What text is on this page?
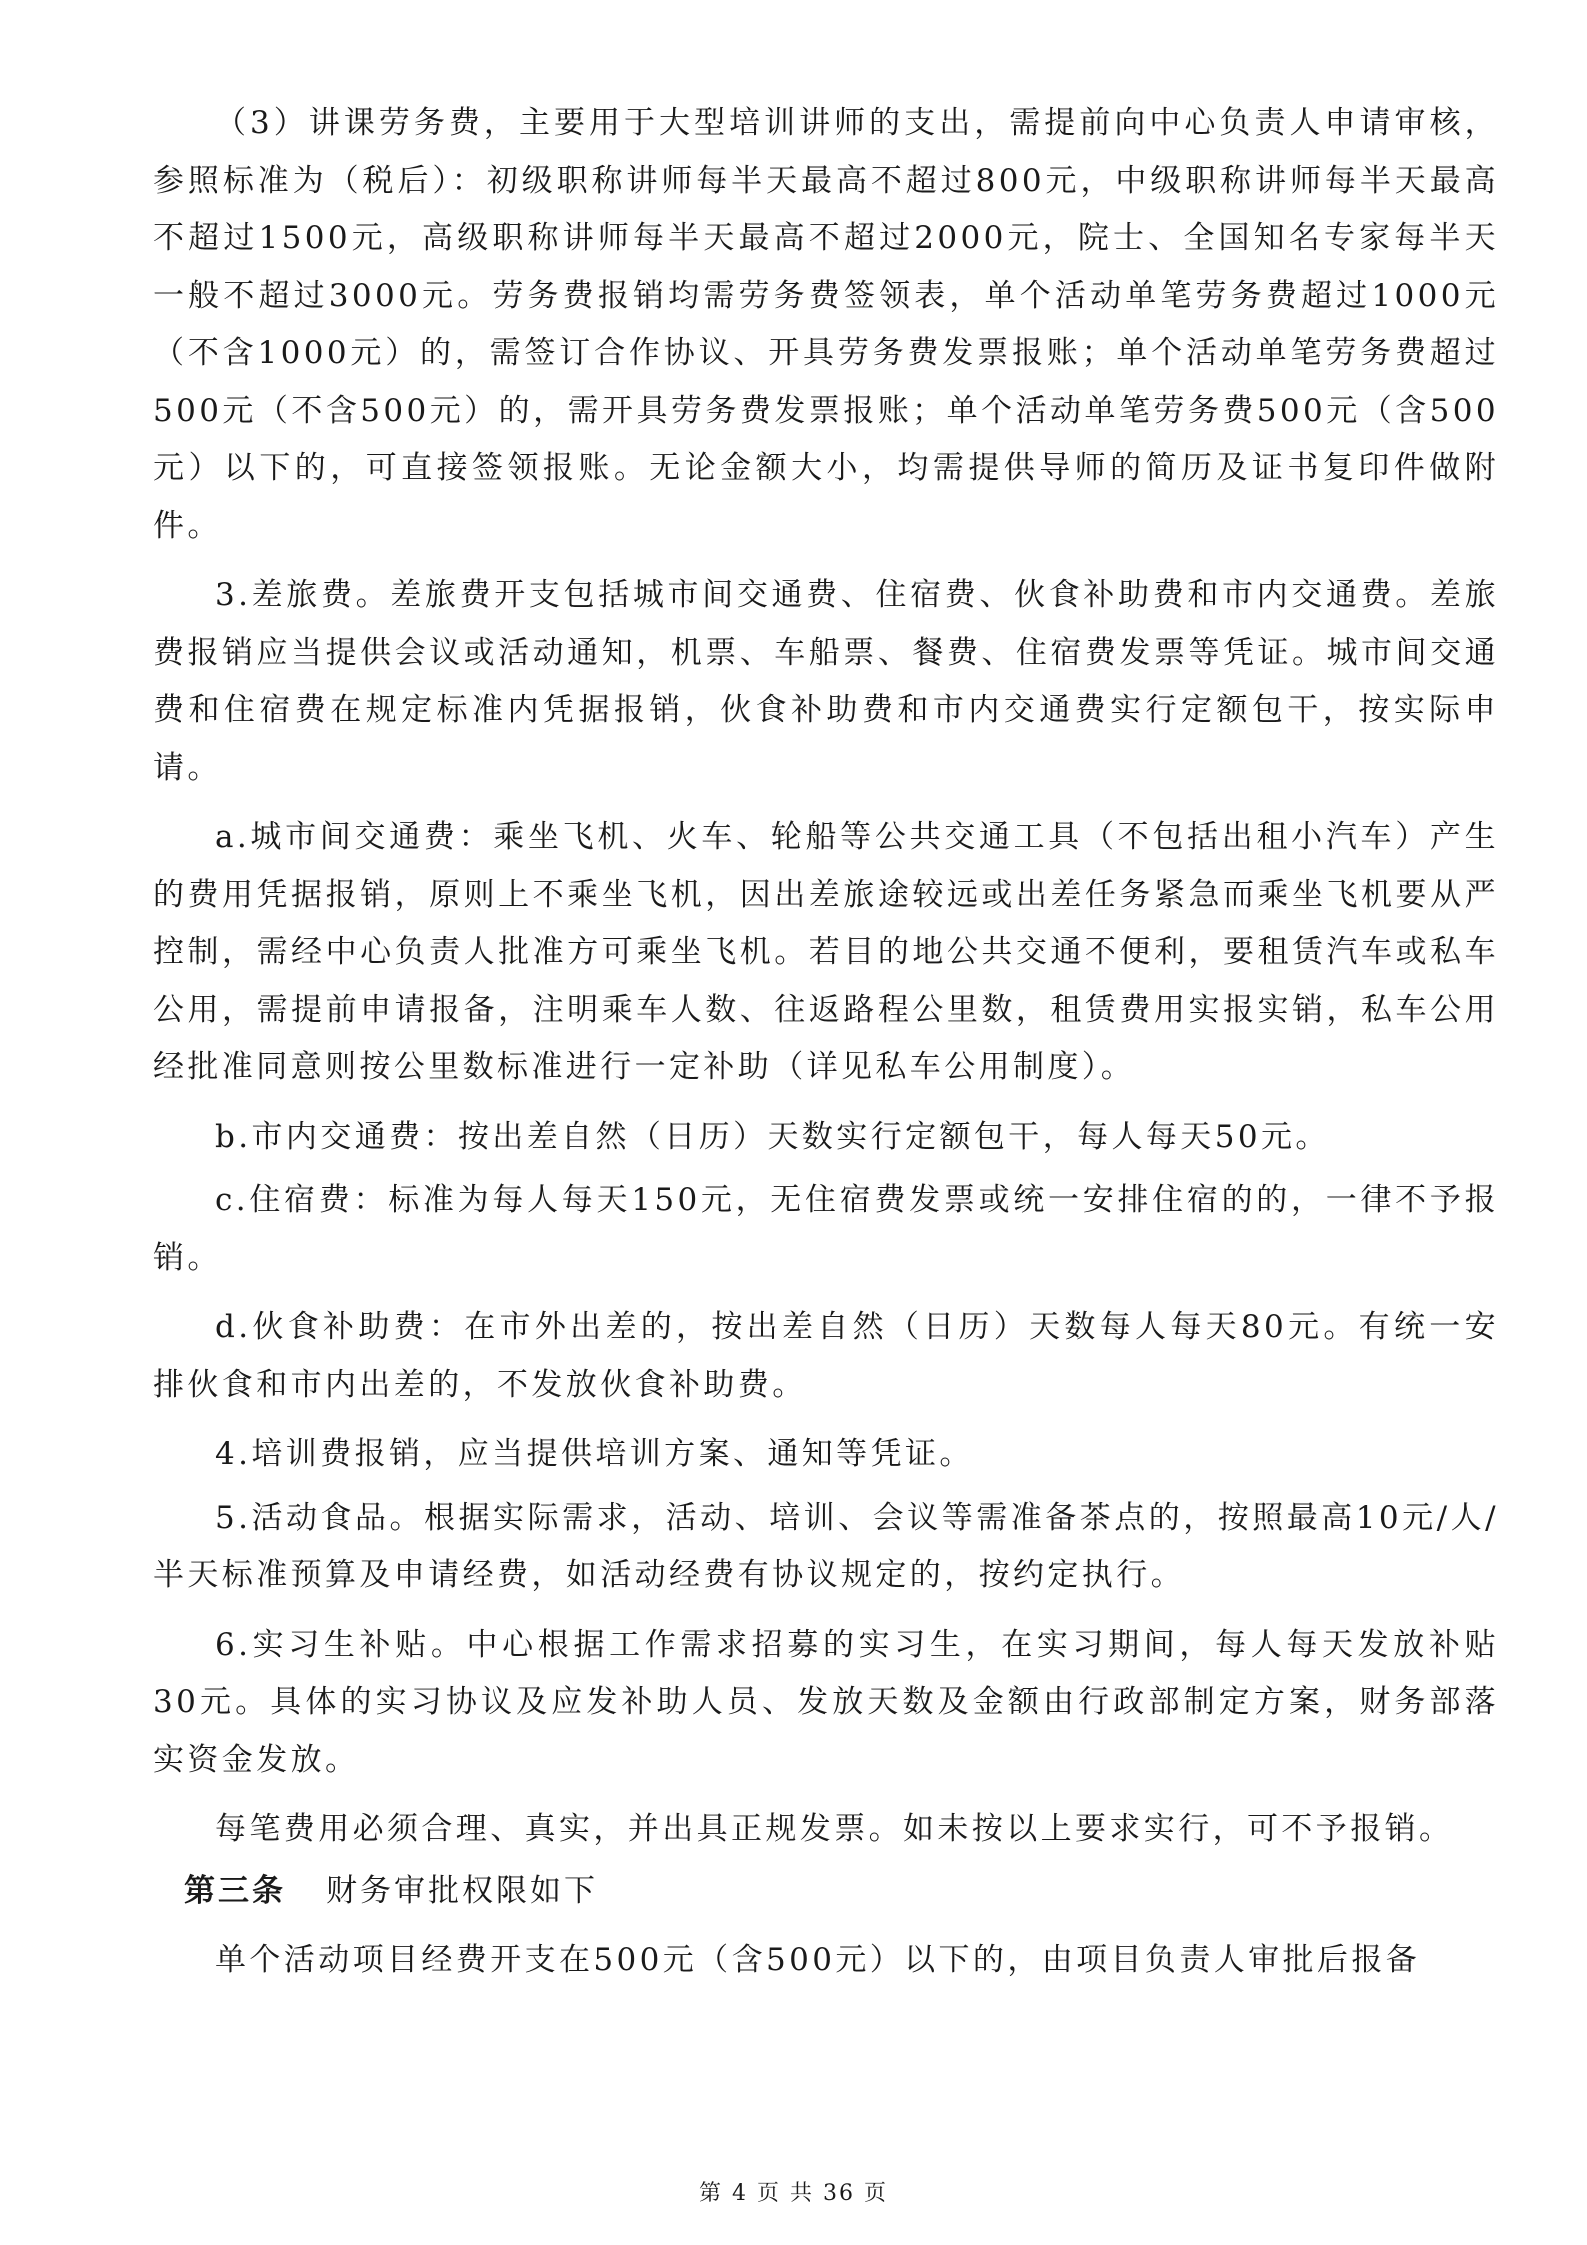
（3）讲课劳务费，主要用于大型培训讲师的支出，需提前向中心负责人申请审核，参照标准为（税后）：初级职称讲师每半天最高不超过800元，中级职称讲师每半天最高不超过1500元，高级职称讲师每半天最高不超过2000元，院士、全国知名专家每半天一般不超过3000元。劳务费报销均需劳务费签领表，单个活动单笔劳务费超过1000元（不含1000元）的，需签订合作协议、开具劳务费发票报账；单个活动单笔劳务费超过500元（不含500元）的，需开具劳务费发票报账；单个活动单笔劳务费500元（含500元）以下的，可直接签领报账。无论金额大小，均需提供导师的简历及证书复印件做附件。

3.差旅费。差旅费开支包括城市间交通费、住宿费、伙食补助费和市内交通费。差旅费报销应当提供会议或活动通知，机票、车船票、餐费、住宿费发票等凭证。城市间交通费和住宿费在规定标准内凭据报销，伙食补助费和市内交通费实行定额包干，按实际申请。

a.城市间交通费：乘坐飞机、火车、轮船等公共交通工具（不包括出租小汽车）产生的费用凭据报销，原则上不乘坐飞机，因出差旅途较远或出差任务紧急而乘坐飞机要从严控制，需经中心负责人批准方可乘坐飞机。若目的地公共交通不便利，要租赁汽车或私车公用，需提前申请报备，注明乘车人数、往返路程公里数，租赁费用实报实销，私车公用经批准同意则按公里数标准进行一定补助（详见私车公用制度）。

b.市内交通费：按出差自然（日历）天数实行定额包干，每人每天50元。

c.住宿费：标准为每人每天150元，无住宿费发票或统一安排住宿的的，一律不予报销。

d.伙食补助费：在市外出差的，按出差自然（日历）天数每人每天80元。有统一安排伙食和市内出差的，不发放伙食补助费。

4.培训费报销，应当提供培训方案、通知等凭证。

5.活动食品。根据实际需求，活动、培训、会议等需准备茶点的，按照最高10元/人/半天标准预算及申请经费，如活动经费有协议规定的，按约定执行。

6.实习生补贴。中心根据工作需求招募的实习生，在实习期间，每人每天发放补贴30元。具体的实习协议及应发补助人员、发放天数及金额由行政部制定方案，财务部落实资金发放。

每笔费用必须合理、真实，并出具正规发票。如未按以上要求实行，可不予报销。

第三条 财务审批权限如下

单个活动项目经费开支在500元（含500元）以下的，由项目负责人审批后报备

第 4 页 共 36 页
